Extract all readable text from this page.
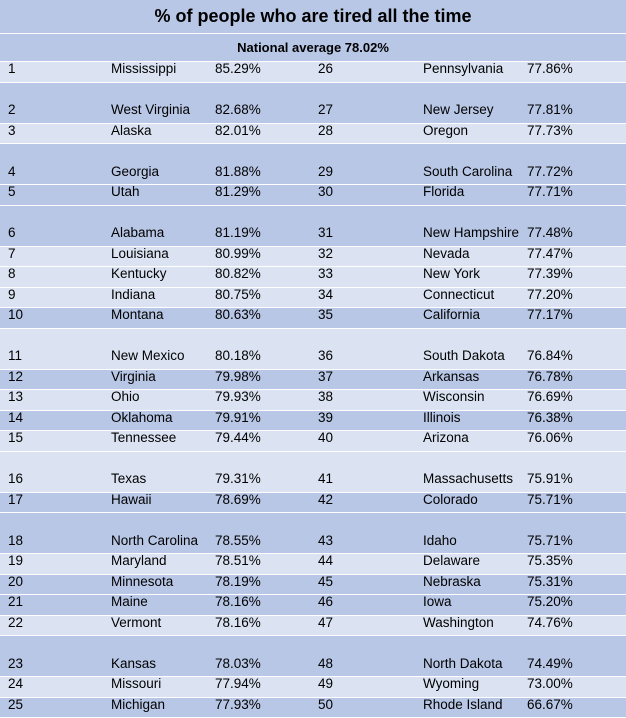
% of people who are tired all the time
National average 78.02%
1	Mississippi	85.29%	26	Pennsylvania 77.86%
2	West Virginia	82.68%	27	New Jersey 77.81%
3	Alaska	82.01%	28	Oregon	77.73%
4	Georgia	81.88%	29	South Carolina	77.72%
5	Utah	81.29%	30	Florida	77.71%
6	Alabama	81.19%	31	New Hampshire 77.48%
7	Louisiana	80.99%	32	Nevada	77.47%
8	Kentucky	80.82%	33	New York	77.39%
9	Indiana	80.75%	34	Connecticut 77.20%
10	Montana	80.63%	35	California	77.17%
11	New Mexico 80.18%	36	South Dakota	76.84%
12	Virginia	79.98%	37	Arkansas	76.78%
13	Ohio	79.93%	38	Wisconsin	76.69%
14	Oklahoma	79.91%	39	Illinois	76.38%
15	Tennessee	79.44%	40	Arizona	76.06%
16	Texas	79.31%	41	Massachusetts	75.91%
17	Hawaii	78.69%	42	Colorado	75.71%
18	North Carolina	78.55%	43	Idaho	75.71%
19	Maryland	78.51%	44	Delaware	75.35%
20	Minnesota	78.19%	45	Nebraska	75.31%
21	Maine	78.16%	46	Iowa	75.20%
22	Vermont	78.16%	47	Washington 74.76%
23	Kansas	78.03%	48	North Dakota	74.49%
24	Missouri	77.94%	49	Wyoming	73.00%
25	Michigan	77.93%	50	Rhode Island 66.67%
